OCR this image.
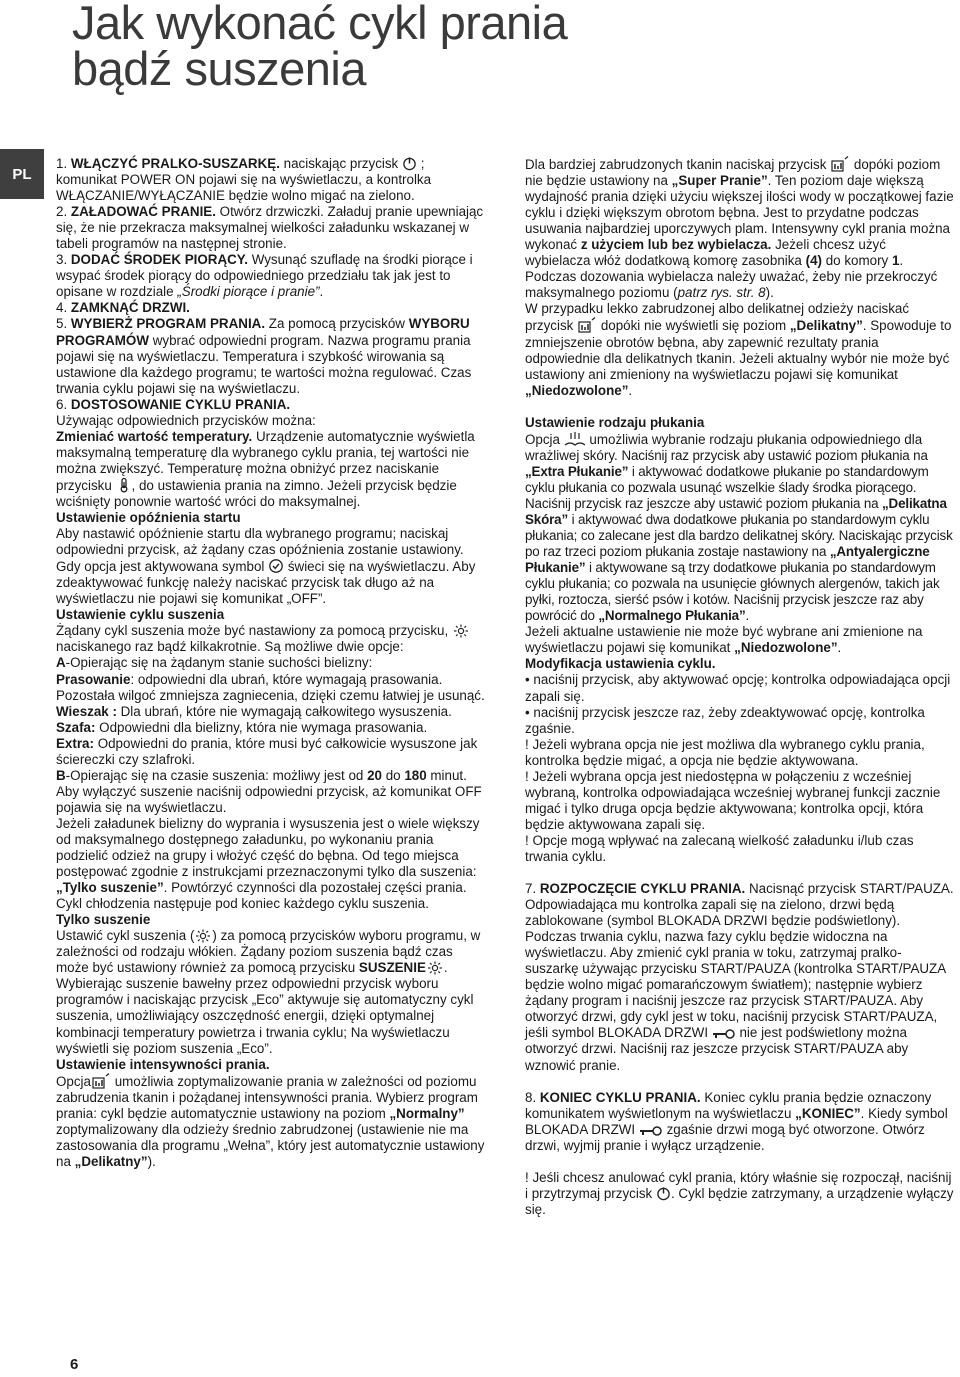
Jak wykonać cykl prania
bądź suszenia
PL

1. WŁĄCZYĆ PRALKO-SUSZARKĘ. naciskając przycisk
; komunikat POWER ON pojawi się na wyświetlaczu, a kontrolka WŁĄCZANIE/WYŁĄCZANIE będzie wolno migać na zielono.

2. ZAŁADOWAĆ PRANIE. Otwórz drzwiczki. Załaduj pranie upewniając się, że nie przekracza maksymalnej wielkości załadunku wskazanej w tabeli programów na następnej stronie.

3. DODAĆ ŚRODEK PIORĄCY. Wysunąć szufladę na środki piorące i wsypać środek piorący do odpowiedniego przedziału tak jak jest to opisane w rozdziale „Środki piorące i pranie”.

4. ZAMKNĄĆ DRZWI.

5. WYBIERŻ PROGRAM PRANIA. Za pomocą przycisków WYBORU PROGRAMÓW wybrać odpowiedni program. Nazwa programu prania pojawi się na wyświetlaczu. Temperatura i szybkość wirowania są ustawione dla każdego programu; te wartości można regulować. Czas trwania cyklu pojawi się na wyświetlaczu.

6. DOSTOSOWANIE CYKLU PRANIA.

Używając odpowiednich przycisków można:

Zmieniać wartość temperatury. Urządzenie automatycznie wyświetla maksymalną temperaturę dla wybranego cyklu prania, tej wartości nie można zwiększyć. Temperaturę można obniżyć przez naciskanie przycisku
, do ustawienia prania na zimno. Jeżeli przycisk będzie wciśnięty ponownie wartość wróci do maksymalnej.

Ustawienie opóźnienia startu

Aby nastawić opóźnienie startu dla wybranego programu; naciskaj odpowiedni przycisk, aż żądany czas opóźnienia zostanie ustawiony. Gdy opcja jest aktywowana symbol
świeci się na wyświetlaczu. Aby zdeaktywować funkcję należy naciskać przycisk tak długo aż na wyświetlaczu nie pojawi się komunikat „OFF”.

Ustawienie cyklu suszenia

Żądany cykl suszenia może być nastawiony za pomocą przycisku,
naciskanego raz bądź kilkakrotnie. Są możliwe dwie opcje:

A-Opierając się na żądanym stanie suchości bielizny:

Prasowanie: odpowiedni dla ubrań, które wymagają prasowania. Pozostała wilgoć zmniejsza zagniecenia, dzięki czemu łatwiej je usunąć.

Wieszak : Dla ubrań, które nie wymagają całkowitego wysuszenia.

Szafa: Odpowiedni dla bielizny, która nie wymaga prasowania.

Extra: Odpowiedni do prania, które musi być całkowicie wysuszone jak ściereczki czy szlafroki.

B-Opierając się na czasie suszenia: możliwy jest od 20 do 180 minut.

Aby wyłączyć suszenie naciśnij odpowiedni przycisk, aż komunikat OFF pojawia się na wyświetlaczu.

Jeżeli załadunek bielizny do wyprania i wysuszenia jest o wiele większy od maksymalnego dostępnego załadunku, po wykonaniu prania podzielić odzież na grupy i włożyć część do bębna. Od tego miejsca postępować zgodnie z instrukcjami przeznaczonymi tylko dla suszenia: „Tylko suszenie”. Powtórzyć czynności dla pozostałej części prania. Cykl chłodzenia następuje pod koniec każdego cyklu suszenia.

Tylko suszenie

Ustawić cykl suszenia ( ) za pomocą przycisków wyboru programu, w zależności od rodzaju włókien. Żądany poziom suszenia bądź czas może być ustawiony również za pomocą przycisku SUSZENIE .

Wybierając suszenie bawełny przez odpowiedni przycisk wyboru programów i naciskając przycisk „Eco” aktywuje się automatyczny cykl suszenia, umożliwiający oszczędność energii, dzięki optymalnej kombinacji temperatury powietrza i trwania cyklu; Na wyświetlaczu wyświetli się poziom suszenia „Eco”.

Ustawienie intensywności prania.

Opcja
umożliwia zoptymalizowanie prania w zależności od poziomu zabrudzenia tkanin i pożądanej intensywności prania. Wybierz program prania: cykl będzie automatycznie ustawiony na poziom „Normalny” zoptymalizowany dla odzieży średnio zabrudzonej (ustawienie nie ma zastosowania dla programu „Wełna”, który jest automatycznie ustawiony na „Delikatny”).

Dla bardziej zabrudzonych tkanin naciskaj przycisk
dopóki poziom nie będzie ustawiony na „Super Pranie”. Ten poziom daje większą wydajność prania dzięki użyciu większej ilości wody w początkowej fazie cyklu i dzięki większym obrotom bębna. Jest to przydatne podczas usuwania najbardziej uporczywych plam. Intensywny cykl prania można wykonać z użyciem lub bez wybielacza. Jeżeli chcesz użyć wybielacza włóż dodatkową komorę zasobnika (4) do komory 1. Podczas dozowania wybielacza należy uważać, żeby nie przekroczyć maksymalnego poziomu (patrz rys. str. 8).

W przypadku lekko zabrudzonej albo delikatnej odzieży naciskać przycisk
dopóki nie wyświetli się poziom „Delikatny”. Spowoduje to zmniejszenie obrotów bębna, aby zapewnić rezultaty prania odpowiednie dla delikatnych tkanin. Jeżeli aktualny wybór nie może być ustawiony ani zmieniony na wyświetlaczu pojawi się komunikat „Niedozwolone”.

Ustawienie rodzaju płukania

Opcja
umożliwia wybranie rodzaju płukania odpowiedniego dla wrażliwej skóry. Naciśnij raz przycisk aby ustawić poziom płukania na „Extra Płukanie” i aktywować dodatkowe płukanie po standardowym cyklu płukania co pozwala usunąć wszelkie ślady środka piorącego. Naciśnij przycisk raz jeszcze aby ustawić poziom płukania na „Delikatna Skóra” i aktywować dwa dodatkowe płukania po standardowym cyklu płukania; co zalecane jest dla bardzo delikatnej skóry. Naciskając przycisk po raz trzeci poziom płukania zostaje nastawiony na „Antyalergiczne Płukanie” i aktywowane są trzy dodatkowe płukania po standardowym cyklu płukania; co pozwala na usunięcie głównych alergenów, takich jak pyłki, roztocza, sierść psów i kotów. Naciśnij przycisk jeszcze raz aby powrócić do „Normalnego Płukania”.

Jeżeli aktualne ustawienie nie może być wybrane ani zmienione na wyświetlaczu pojawi się komunikat „Niedozwolone”.

Modyfikacja ustawienia cyklu.

• naciśnij przycisk, aby aktywować opcję; kontrolka odpowiadająca opcji zapali się.

• naciśnij przycisk jeszcze raz, żeby zdeaktywować opcję, kontrolka zgaśnie.

! Jeżeli wybrana opcja nie jest możliwa dla wybranego cyklu prania, kontrolka będzie migać, a opcja nie będzie aktywowana.

! Jeżeli wybrana opcja jest niedostępna w połączeniu z wcześniej wybraną, kontrolka odpowiadająca wcześniej wybranej funkcji zacznie migać i tylko druga opcja będzie aktywowana; kontrolka opcji, która będzie aktywowana zapali się.

! Opcje mogą wpływać na zalecaną wielkość załadunku i/lub czas trwania cyklu.

7. ROZPOCZĘCIE CYKLU PRANIA. Nacisnąć przycisk START/PAUZA. Odpowiadająca mu kontrolka zapali się na zielono, drzwi będą zablokowane (symbol BLOKADA DRZWI będzie podświetlony). Podczas trwania cyklu, nazwa fazy cyklu będzie widoczna na wyświetlaczu. Aby zmienić cykl prania w toku, zatrzymaj pralko-suszarkę używając przycisku START/PAUZA (kontrolka START/PAUZA będzie wolno migać pomarańczowym światłem); następnie wybierz żądany program i naciśnij jeszcze raz przycisk START/PAUZA. Aby otworzyć drzwi, gdy cykl jest w toku, naciśnij przycisk START/PAUZA, jeśli symbol BLOKADA DRZWI
nie jest podświetlony można otworzyć drzwi. Naciśnij raz jeszcze przycisk START/PAUZA aby wznowić pranie.

8. KONIEC CYKLU PRANIA. Koniec cyklu prania będzie oznaczony komunikatem wyświetlonym na wyświetlaczu „KONIEC”. Kiedy symbol BLOKADA DRZWI
zgaśnie drzwi mogą być otworzone. Otwórz drzwi, wyjmij pranie i wyłącz urządzenie.

! Jeśli chcesz anulować cykl prania, który właśnie się rozpoczął, naciśnij i przytrzymaj przycisk
. Cykl będzie zatrzymany, a urządzenie wyłączy się.

6
